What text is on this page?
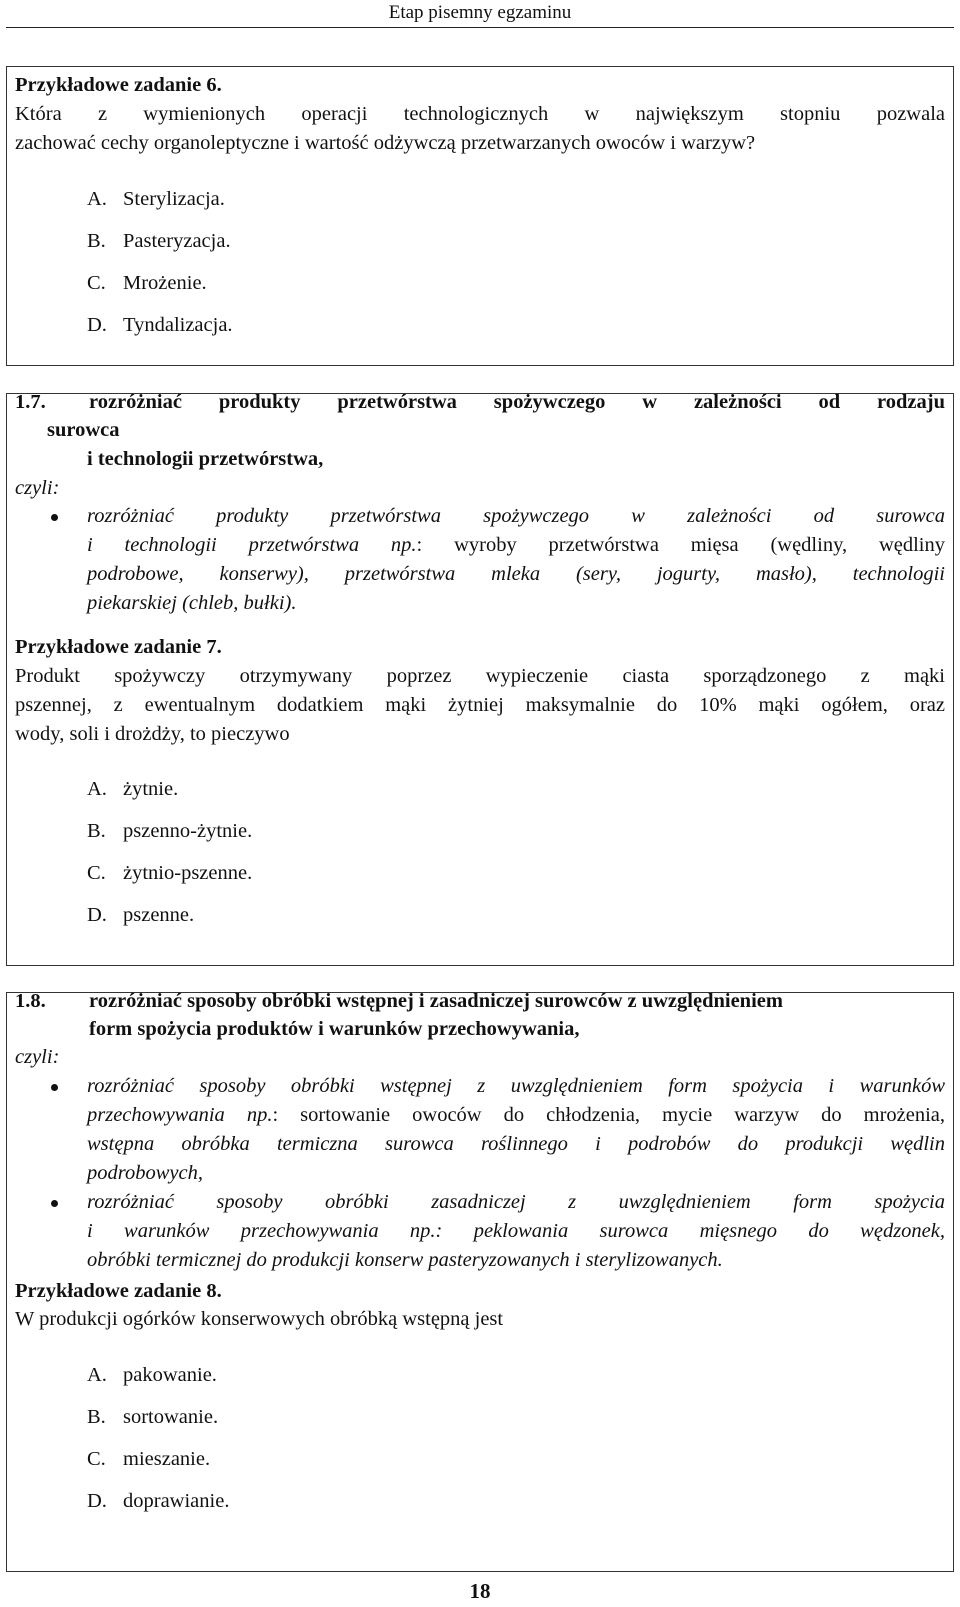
Etap pisemny egzaminu
Przykładowe zadanie 6.
Która z wymienionych operacji technologicznych w największym stopniu pozwala
zachować cechy organoleptyczne i wartość odżywczą przetwarzanych owoców i warzyw?
A. Sterylizacja.
B. Pasteryzacja.
C. Mrożenie.
D. Tyndalizacja.
1.7. rozróżniać produkty przetwórstwa spożywczego w zależności od rodzaju
surowca
i technologii przetwórstwa,
czyli:
rozróżniać produkty przetwórstwa spożywczego w zależności od surowca
i technologii przetwórstwa np.: wyroby przetwórstwa mięsa (wędliny, wędliny
podrobowe, konserwy), przetwórstwa mleka (sery, jogurty, masło), technologii
piekarskiej (chleb, bułki).
Przykładowe zadanie 7.
Produkt spożywczy otrzymywany poprzez wypieczenie ciasta sporządzonego z mąki
pszennej, z ewentualnym dodatkiem mąki żytniej maksymalnie do 10% mąki ogółem, oraz
wody, soli i drożdży, to pieczywo
A. żytnie.
B. pszenno-żytnie.
C. żytnio-pszenne.
D. pszenne.
1.8. rozróżniać sposoby obróbki wstępnej i zasadniczej surowców z uwzględnieniem
form spożycia produktów i warunków przechowywania,
czyli:
rozróżniać sposoby obróbki wstępnej z uwzględnieniem form spożycia i warunków
przechowywania np.: sortowanie owoców do chłodzenia, mycie warzyw do mrożenia,
wstępna obróbka termiczna surowca roślinnego i podrobów do produkcji wędlin
podrobowych,
rozróżniać sposoby obróbki zasadniczej z uwzględnieniem form spożycia
i warunków przechowywania np.: peklowania surowca mięsnego do wędzonek,
obróbki termicznej do produkcji konserw pasteryzowanych i sterylizowanych.
Przykładowe zadanie 8.
W produkcji ogórków konserwowych obróbką wstępną jest
A. pakowanie.
B. sortowanie.
C. mieszanie.
D. doprawianie.
18
